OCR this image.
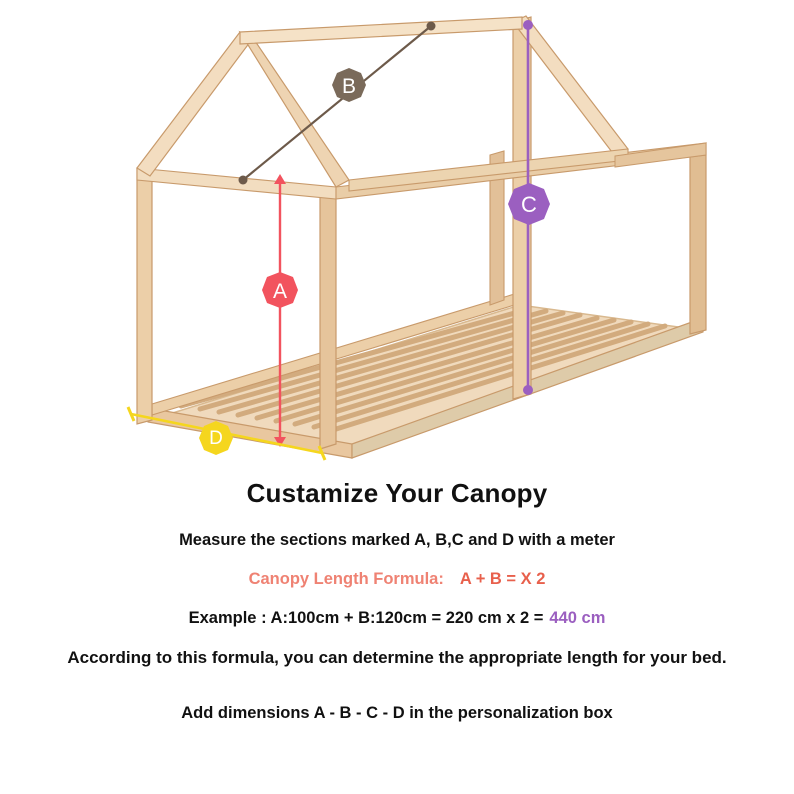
B
A
C
D
Custamize Your Canopy
Measure the sections marked A, B,C and D with a meter
Canopy Length Formula: A + B = X 2
Example : A:100cm + B:120cm = 220 cm x 2 = 440 cm
According to this formula, you can determine the appropriate length for your bed.
Add dimensions A - B - C - D in the personalization box
